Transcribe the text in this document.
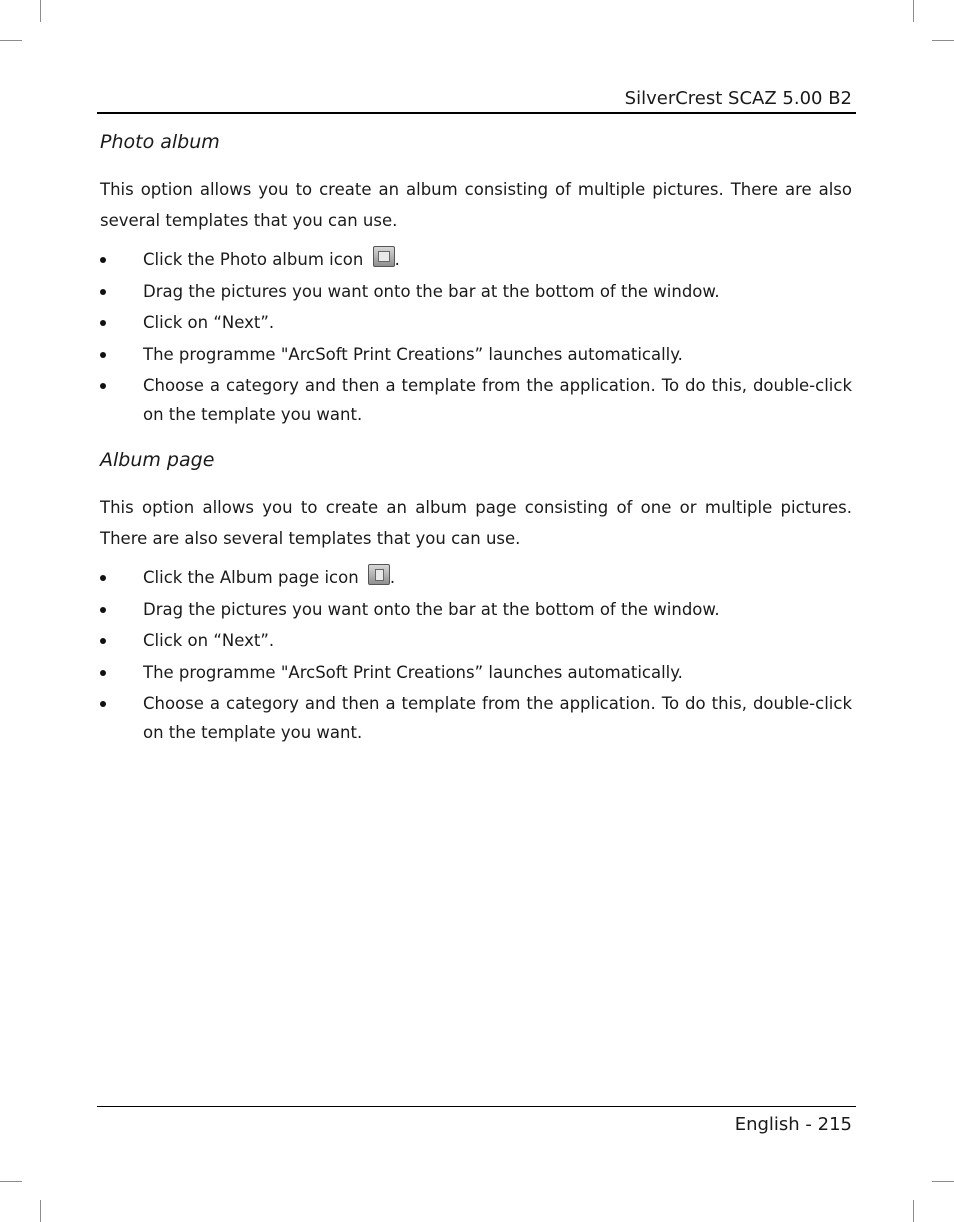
SilverCrest SCAZ 5.00 B2
Photo album

This option allows you to create an album consisting of multiple pictures. There are also several templates that you can use.

Click the Photo album icon .
Drag the pictures you want onto the bar at the bottom of the window.
Click on “Next”.
The programme "ArcSoft Print Creations” launches automatically.
Choose a category and then a template from the application. To do this, double-click on the template you want.
Album page

This option allows you to create an album page consisting of one or multiple pictures. There are also several templates that you can use.

Click the Album page icon .
Drag the pictures you want onto the bar at the bottom of the window.
Click on “Next”.
The programme "ArcSoft Print Creations” launches automatically.
Choose a category and then a template from the application. To do this, double-click on the template you want.
English - 215
